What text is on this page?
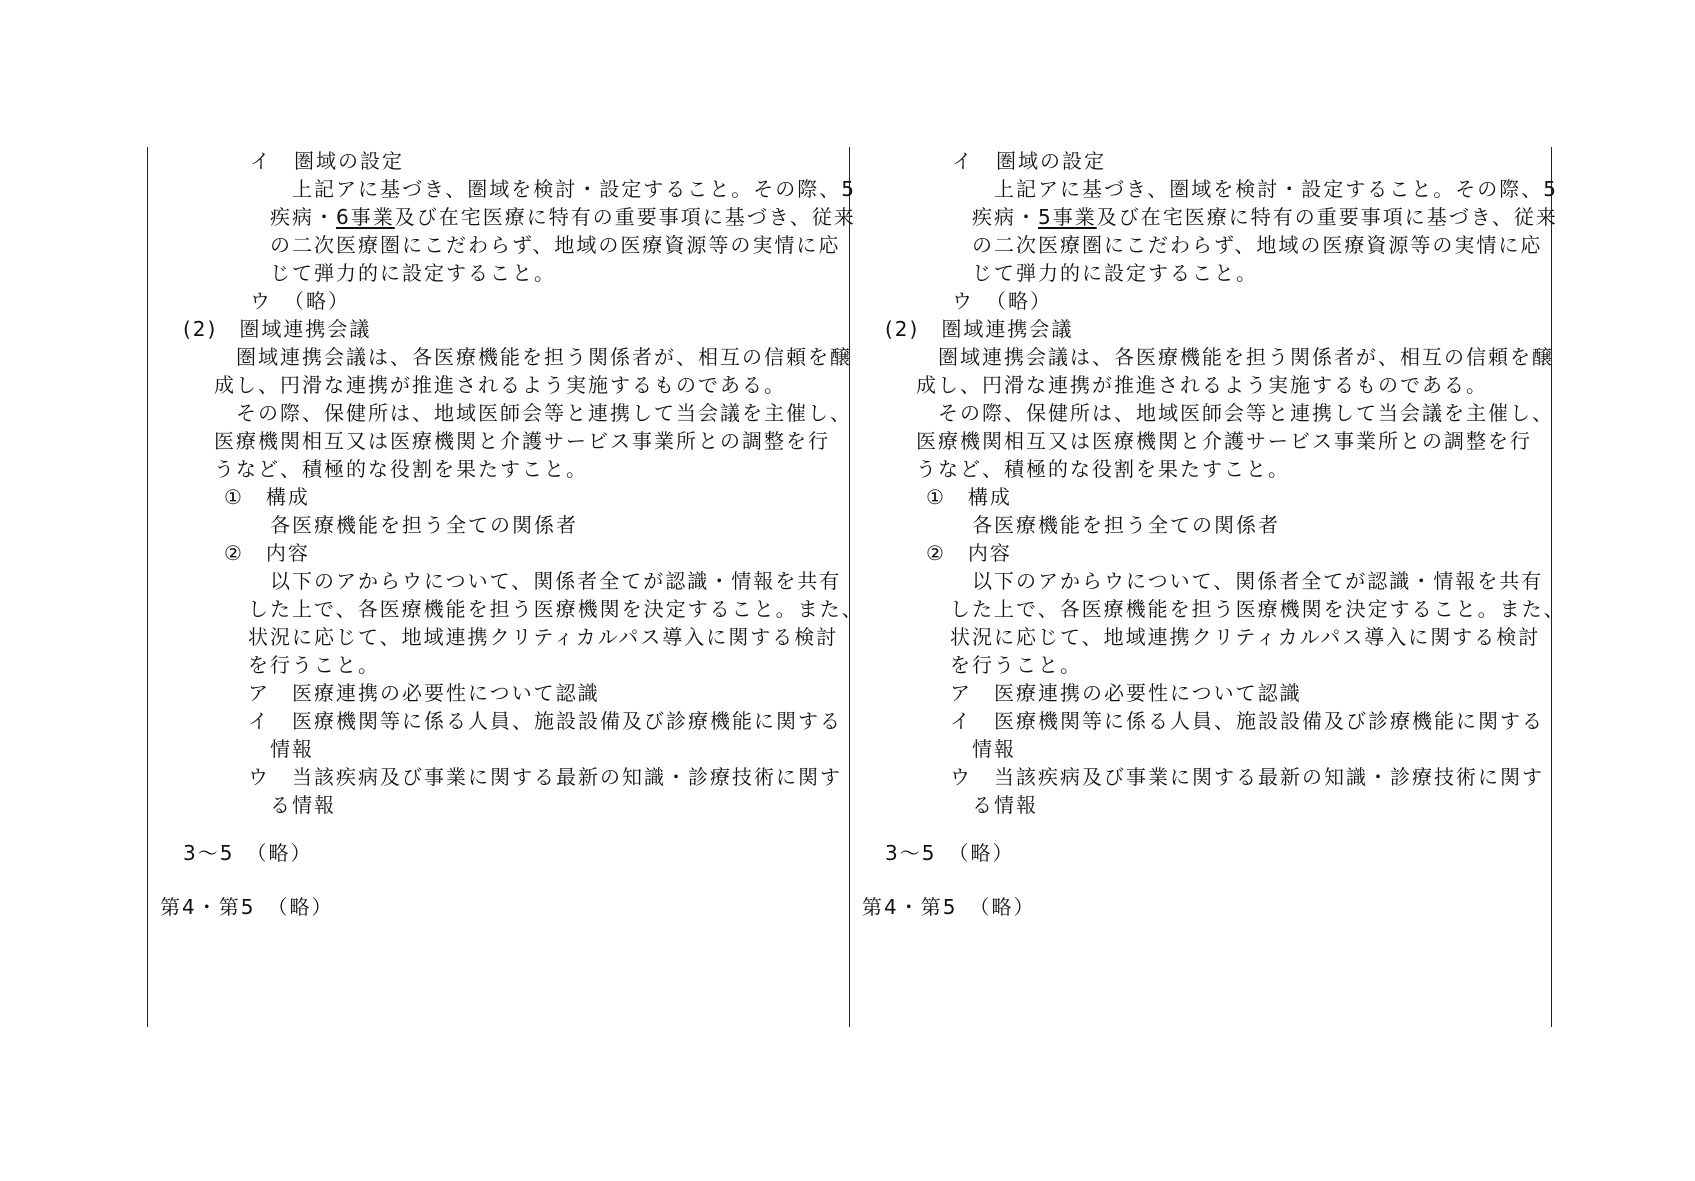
イ　圏域の設定
上記アに基づき、圏域を検討・設定すること。その際、5
疾病・6事業及び在宅医療に特有の重要事項に基づき、従来
の二次医療圏にこだわらず、地域の医療資源等の実情に応
じて弾力的に設定すること。
ウ　（略）
(2)　圏域連携会議
圏域連携会議は、各医療機能を担う関係者が、相互の信頼を醸
成し、円滑な連携が推進されるよう実施するものである。
その際、保健所は、地域医師会等と連携して当会議を主催し、
医療機関相互又は医療機関と介護サービス事業所との調整を行
うなど、積極的な役割を果たすこと。
①　構成
各医療機能を担う全ての関係者
②　内容
以下のアからウについて、関係者全てが認識・情報を共有
した上で、各医療機能を担う医療機関を決定すること。また、
状況に応じて、地域連携クリティカルパス導入に関する検討
を行うこと。
ア　医療連携の必要性について認識
イ　医療機関等に係る人員、施設設備及び診療機能に関する
情報
ウ　当該疾病及び事業に関する最新の知識・診療技術に関す
る情報
3～5　（略）
第4・第5　（略）
イ　圏域の設定
上記アに基づき、圏域を検討・設定すること。その際、5
疾病・5事業及び在宅医療に特有の重要事項に基づき、従来
の二次医療圏にこだわらず、地域の医療資源等の実情に応
じて弾力的に設定すること。
ウ　（略）
(2)　圏域連携会議
圏域連携会議は、各医療機能を担う関係者が、相互の信頼を醸
成し、円滑な連携が推進されるよう実施するものである。
その際、保健所は、地域医師会等と連携して当会議を主催し、
医療機関相互又は医療機関と介護サービス事業所との調整を行
うなど、積極的な役割を果たすこと。
①　構成
各医療機能を担う全ての関係者
②　内容
以下のアからウについて、関係者全てが認識・情報を共有
した上で、各医療機能を担う医療機関を決定すること。また、
状況に応じて、地域連携クリティカルパス導入に関する検討
を行うこと。
ア　医療連携の必要性について認識
イ　医療機関等に係る人員、施設設備及び診療機能に関する
情報
ウ　当該疾病及び事業に関する最新の知識・診療技術に関す
る情報
3～5　（略）
第4・第5　（略）
